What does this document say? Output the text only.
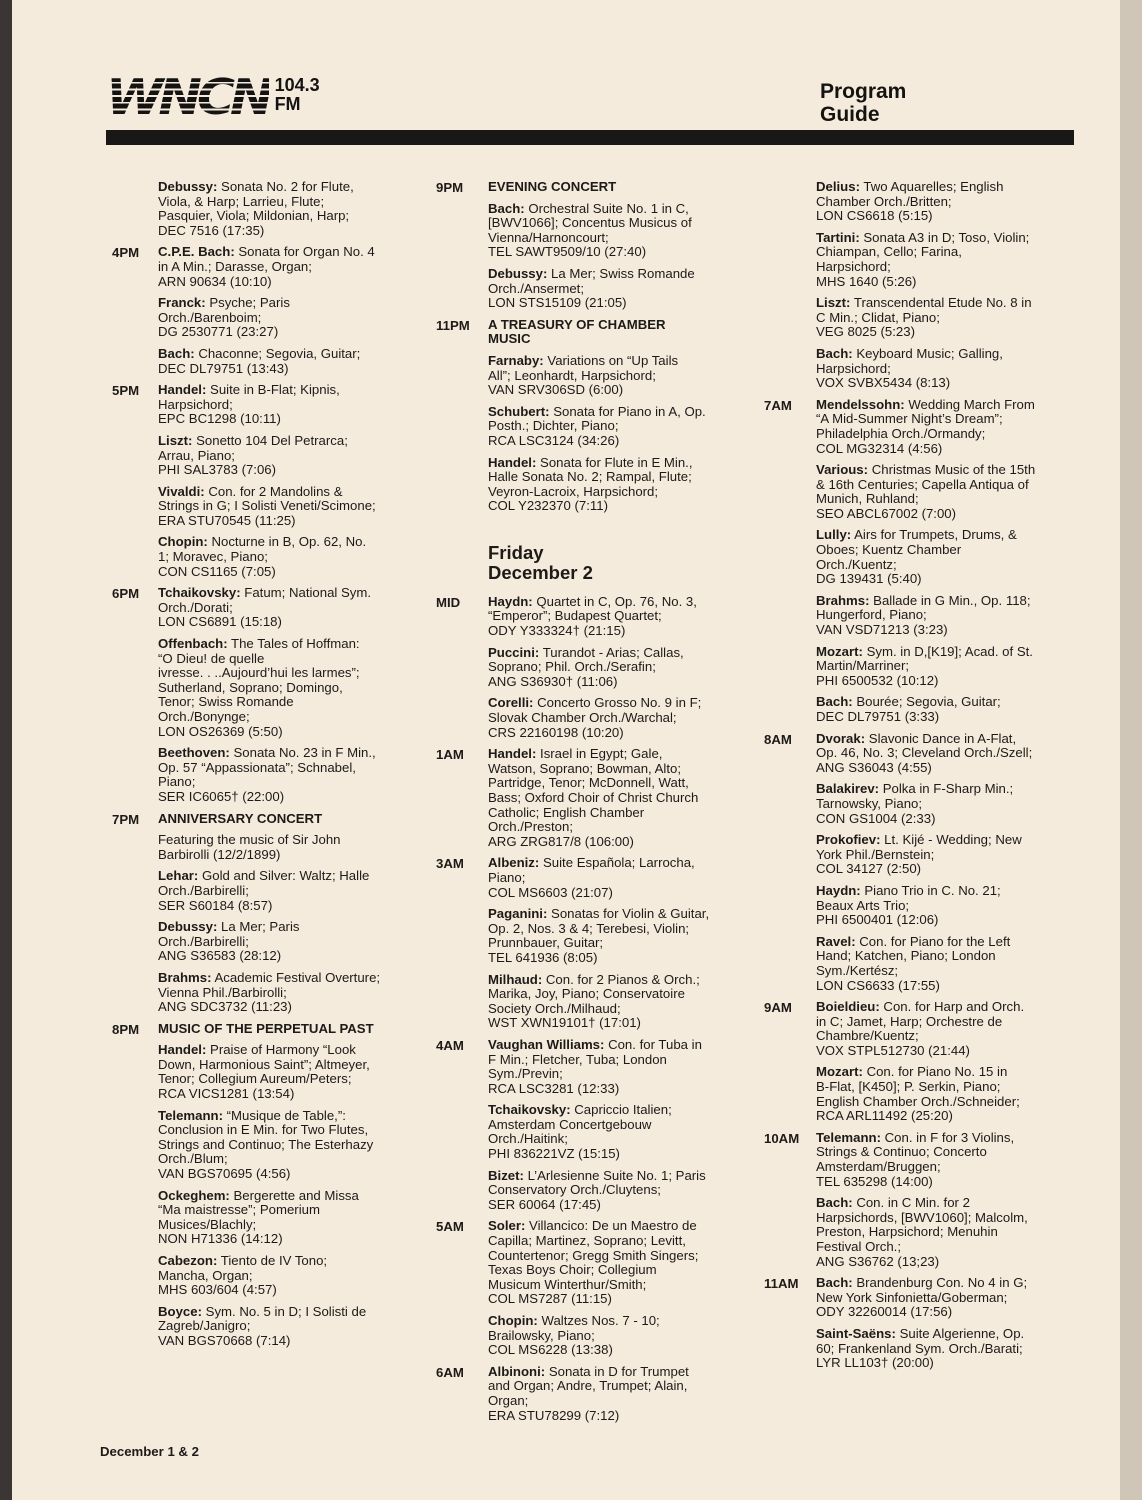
WNCN 104.3
FM
Program
Guide
Debussy: Sonata No. 2 for Flute,
Viola, & Harp; Larrieu, Flute;
Pasquier, Viola; Mildonian, Harp;
DEC 7516 (17:35)
4PM	C.P.E. Bach: Sonata for Organ No. 4
in A Min.; Darasse, Organ;
ARN 90634 (10:10)
Franck: Psyche; Paris
Orch./Barenboim;
DG 2530771 (23:27)
Bach: Chaconne; Segovia, Guitar;
DEC DL79751 (13:43)
5PM	Handel: Suite in B-Flat; Kipnis,
Harpsichord;
EPC BC1298 (10:11)
Liszt: Sonetto 104 Del Petrarca;
Arrau, Piano;
PHI SAL3783 (7:06)
Vivaldi: Con. for 2 Mandolins &
Strings in G; I Solisti Veneti/Scimone;
ERA STU70545 (11:25)
Chopin: Nocturne in B, Op. 62, No.
1; Moravec, Piano;
CON CS1165 (7:05)
6PM	Tchaikovsky: Fatum; National Sym.
Orch./Dorati;
LON CS6891 (15:18)
Offenbach: The Tales of Hoffman:
“O Dieu! de quelle
ivresse. . ..Aujourd’hui les larmes”;
Sutherland, Soprano; Domingo,
Tenor; Swiss Romande
Orch./Bonynge;
LON OS26369 (5:50)
Beethoven: Sonata No. 23 in F Min.,
Op. 57 “Appassionata”; Schnabel,
Piano;
SER IC6065† (22:00)
7PM	ANNIVERSARY CONCERT
Featuring the music of Sir John
Barbirolli (12/2/1899)
Lehar: Gold and Silver: Waltz; Halle
Orch./Barbirelli;
SER S60184 (8:57)
Debussy: La Mer; Paris
Orch./Barbirelli;
ANG S36583 (28:12)
Brahms: Academic Festival Overture;
Vienna Phil./Barbirolli;
ANG SDC3732 (11:23)
8PM	MUSIC OF THE PERPETUAL PAST
Handel: Praise of Harmony “Look
Down, Harmonious Saint”; Altmeyer,
Tenor; Collegium Aureum/Peters;
RCA VICS1281 (13:54)
Telemann: “Musique de Table,”:
Conclusion in E Min. for Two Flutes,
Strings and Continuo; The Esterhazy
Orch./Blum;
VAN BGS70695 (4:56)
Ockeghem: Bergerette and Missa
“Ma maistresse”; Pomerium
Musices/Blachly;
NON H71336 (14:12)
Cabezon: Tiento de IV Tono;
Mancha, Organ;
MHS 603/604 (4:57)
Boyce: Sym. No. 5 in D; I Solisti de
Zagreb/Janigro;
VAN BGS70668 (7:14)
9PM	EVENING CONCERT
Bach: Orchestral Suite No. 1 in C,
[BWV1066]; Concentus Musicus of
Vienna/Harnoncourt;
TEL SAWT9509/10 (27:40)
Debussy: La Mer; Swiss Romande
Orch./Ansermet;
LON STS15109 (21:05)
11PM	A TREASURY OF CHAMBER
MUSIC
Farnaby: Variations on “Up Tails
All”; Leonhardt, Harpsichord;
VAN SRV306SD (6:00)
Schubert: Sonata for Piano in A, Op.
Posth.; Dichter, Piano;
RCA LSC3124 (34:26)
Handel: Sonata for Flute in E Min.,
Halle Sonata No. 2; Rampal, Flute;
Veyron-Lacroix, Harpsichord;
COL Y232370 (7:11)
Friday
December 2
MID	Haydn: Quartet in C, Op. 76, No. 3,
“Emperor”; Budapest Quartet;
ODY Y333324† (21:15)
Puccini: Turandot - Arias; Callas,
Soprano; Phil. Orch./Serafin;
ANG S36930† (11:06)
Corelli: Concerto Grosso No. 9 in F;
Slovak Chamber Orch./Warchal;
CRS 22160198 (10:20)
1AM	Handel: Israel in Egypt; Gale,
Watson, Soprano; Bowman, Alto;
Partridge, Tenor; McDonnell, Watt,
Bass; Oxford Choir of Christ Church
Catholic; English Chamber
Orch./Preston;
ARG ZRG817/8 (106:00)
3AM	Albeniz: Suite Española; Larrocha,
Piano;
COL MS6603 (21:07)
Paganini: Sonatas for Violin & Guitar,
Op. 2, Nos. 3 & 4; Terebesi, Violin;
Prunnbauer, Guitar;
TEL 641936 (8:05)
Milhaud: Con. for 2 Pianos & Orch.;
Marika, Joy, Piano; Conservatoire
Society Orch./Milhaud;
WST XWN19101† (17:01)
4AM	Vaughan Williams: Con. for Tuba in
F Min.; Fletcher, Tuba; London
Sym./Previn;
RCA LSC3281 (12:33)
Tchaikovsky: Capriccio Italien;
Amsterdam Concertgebouw
Orch./Haitink;
PHI 836221VZ (15:15)
Bizet: L’Arlesienne Suite No. 1; Paris
Conservatory Orch./Cluytens;
SER 60064 (17:45)
5AM	Soler: Villancico: De un Maestro de
Capilla; Martinez, Soprano; Levitt,
Countertenor; Gregg Smith Singers;
Texas Boys Choir; Collegium
Musicum Winterthur/Smith;
COL MS7287 (11:15)
Chopin: Waltzes Nos. 7 - 10;
Brailowsky, Piano;
COL MS6228 (13:38)
6AM	Albinoni: Sonata in D for Trumpet
and Organ; Andre, Trumpet; Alain,
Organ;
ERA STU78299 (7:12)
Delius: Two Aquarelles; English
Chamber Orch./Britten;
LON CS6618 (5:15)
Tartini: Sonata A3 in D; Toso, Violin;
Chiampan, Cello; Farina,
Harpsichord;
MHS 1640 (5:26)
Liszt: Transcendental Etude No. 8 in
C Min.; Clidat, Piano;
VEG 8025 (5:23)
Bach: Keyboard Music; Galling,
Harpsichord;
VOX SVBX5434 (8:13)
7AM	Mendelssohn: Wedding March From
“A Mid-Summer Night’s Dream”;
Philadelphia Orch./Ormandy;
COL MG32314 (4:56)
Various: Christmas Music of the 15th
& 16th Centuries; Capella Antiqua of
Munich, Ruhland;
SEO ABCL67002 (7:00)
Lully: Airs for Trumpets, Drums, &
Oboes; Kuentz Chamber
Orch./Kuentz;
DG 139431 (5:40)
Brahms: Ballade in G Min., Op. 118;
Hungerford, Piano;
VAN VSD71213 (3:23)
Mozart: Sym. in D,[K19]; Acad. of St.
Martin/Marriner;
PHI 6500532 (10:12)
Bach: Bourée; Segovia, Guitar;
DEC DL79751 (3:33)
8AM	Dvorak: Slavonic Dance in A-Flat,
Op. 46, No. 3; Cleveland Orch./Szell;
ANG S36043 (4:55)
Balakirev: Polka in F-Sharp Min.;
Tarnowsky, Piano;
CON GS1004 (2:33)
Prokofiev: Lt. Kijé - Wedding; New
York Phil./Bernstein;
COL 34127 (2:50)
Haydn: Piano Trio in C. No. 21;
Beaux Arts Trio;
PHI 6500401 (12:06)
Ravel: Con. for Piano for the Left
Hand; Katchen, Piano; London
Sym./Kertész;
LON CS6633 (17:55)
9AM	Boieldieu: Con. for Harp and Orch.
in C; Jamet, Harp; Orchestre de
Chambre/Kuentz;
VOX STPL512730 (21:44)
Mozart: Con. for Piano No. 15 in
B-Flat, [K450]; P. Serkin, Piano;
English Chamber Orch./Schneider;
RCA ARL11492 (25:20)
10AM	Telemann: Con. in F for 3 Violins,
Strings & Continuo; Concerto
Amsterdam/Bruggen;
TEL 635298 (14:00)
Bach: Con. in C Min. for 2
Harpsichords, [BWV1060]; Malcolm,
Preston, Harpsichord; Menuhin
Festival Orch.;
ANG S36762 (13;23)
11AM	Bach: Brandenburg Con. No 4 in G;
New York Sinfonietta/Goberman;
ODY 32260014 (17:56)
Saint-Saëns: Suite Algerienne, Op.
60; Frankenland Sym. Orch./Barati;
LYR LL103† (20:00)
December 1 & 2
